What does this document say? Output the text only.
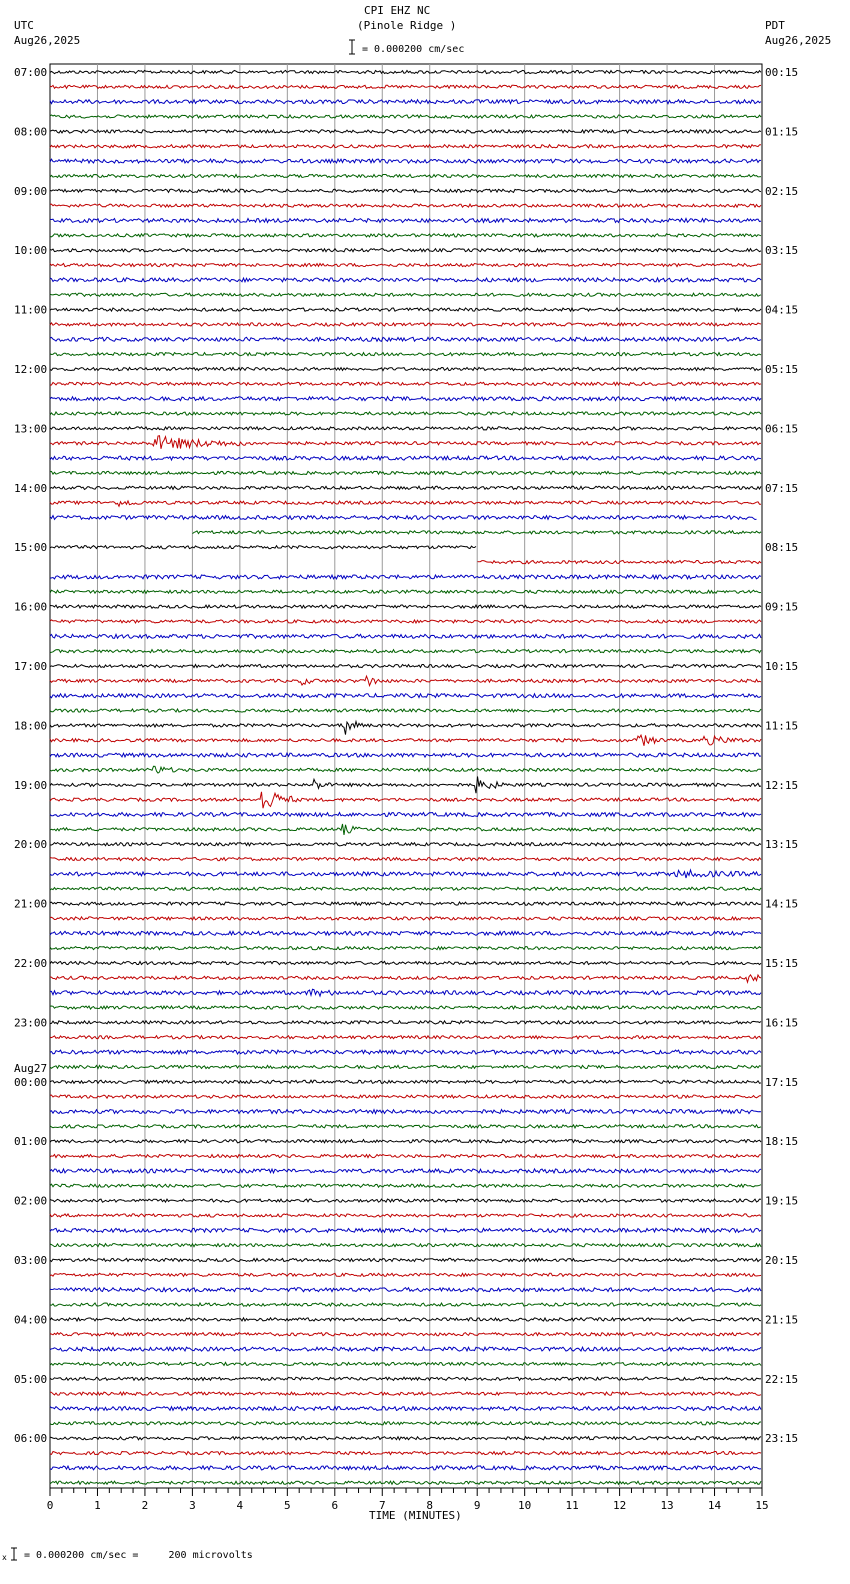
0	1	2	3	4	5	6	7	8	9	10	11	12	13	14	15
07:00	00:15
08:00	01:15
09:00	02:15
10:00	03:15
11:00	04:15
12:00	05:15
13:00	06:15
14:00	07:15
15:00	08:15
16:00	09:15
17:00	10:15
18:00	11:15
19:00	12:15
20:00	13:15
21:00	14:15
22:00	15:15
23:00	16:15
00:00	17:15
Aug27
01:00	18:15
02:00	19:15
03:00	20:15
04:00	21:15
05:00	22:15
06:00	23:15
CPI EHZ NC
(Pinole Ridge )
= 0.000200 cm/sec
UTC
Aug26,2025
PDT
Aug26,2025
TIME (MINUTES)
= 0.000200 cm/sec =     200 microvolts
x
